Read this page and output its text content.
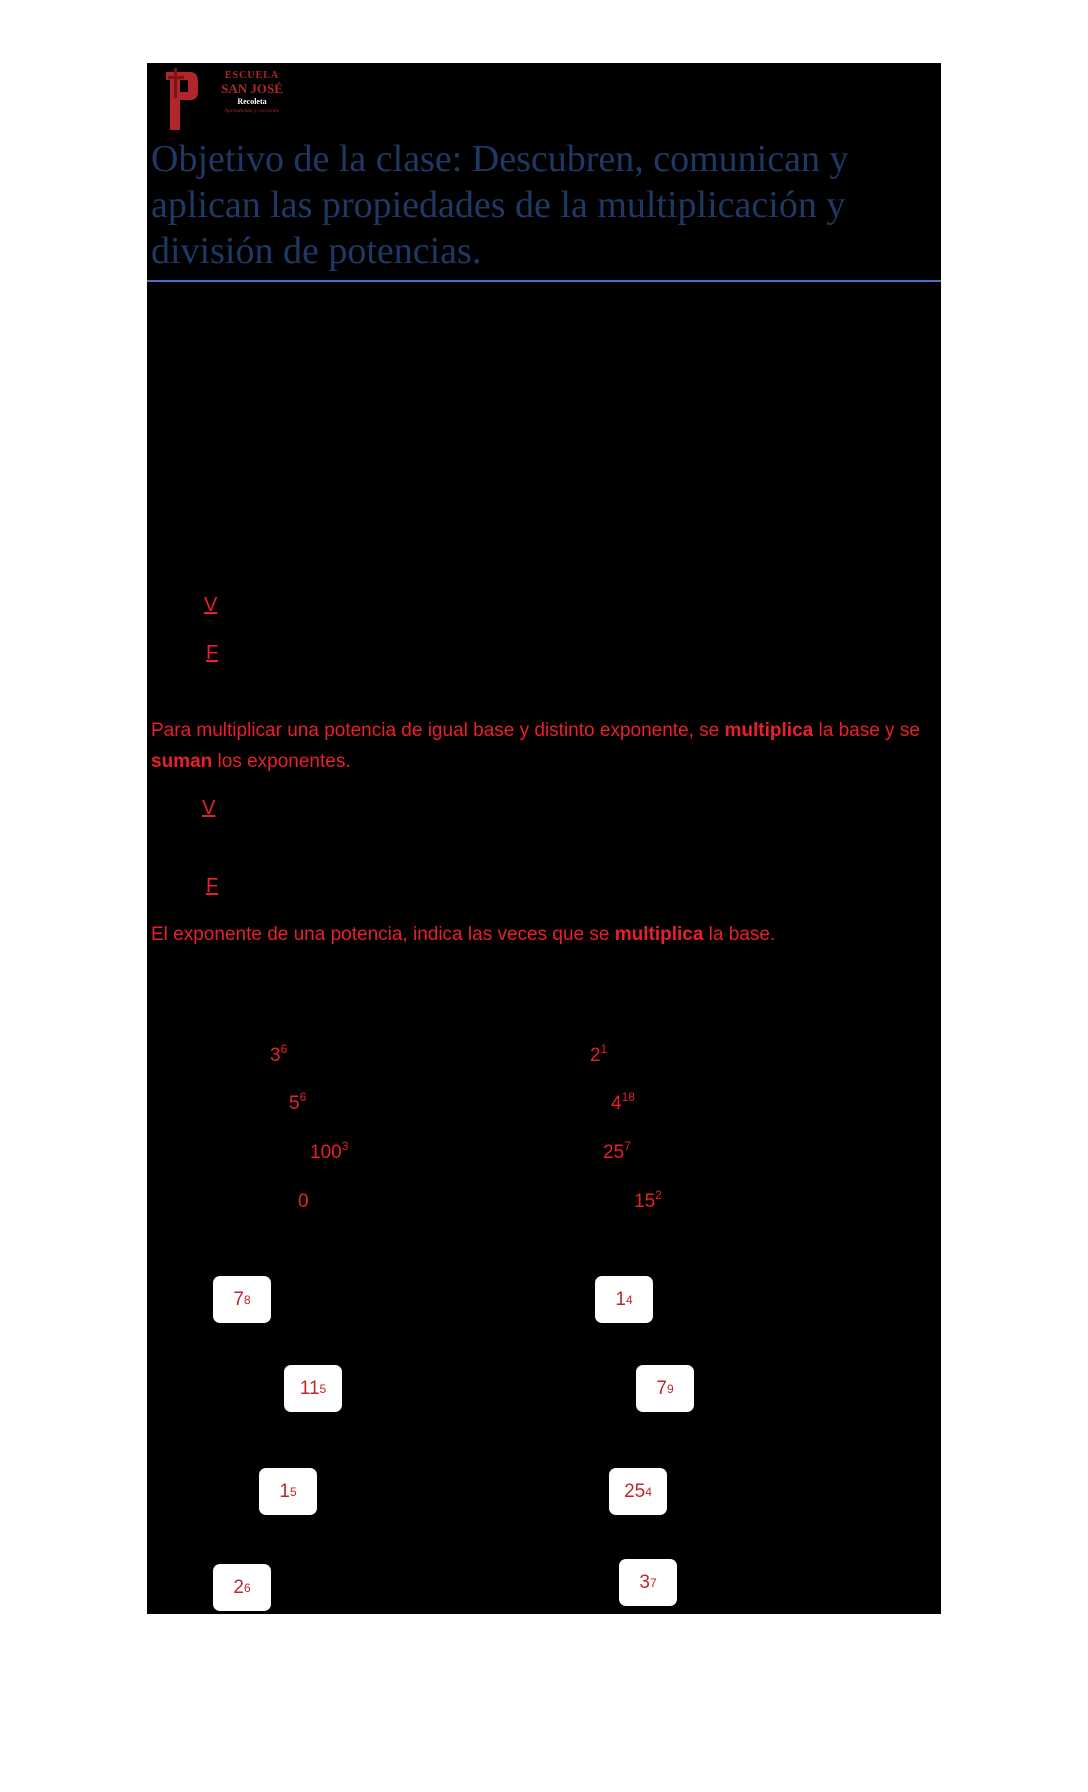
ESCUELA
SAN JOSÉ
Recoleta
Aprendiendo y creciendo
Objetivo de la clase: Descubren, comunican y
aplican las propiedades de la multiplicación y
división de potencias.
V
F
Para multiplicar una potencia de igual base y distinto exponente, se multiplica la base y se suman los exponentes.
V
F
El exponente de una potencia, indica las veces que se multiplica la base.
$3^6$
$5^6$
$100^3$
0
$2^1$
$4^{18}$
$25^7$
$15^2$
7 8
11 5
1 5
2 6
1 4
7 9
25 4
3 7
